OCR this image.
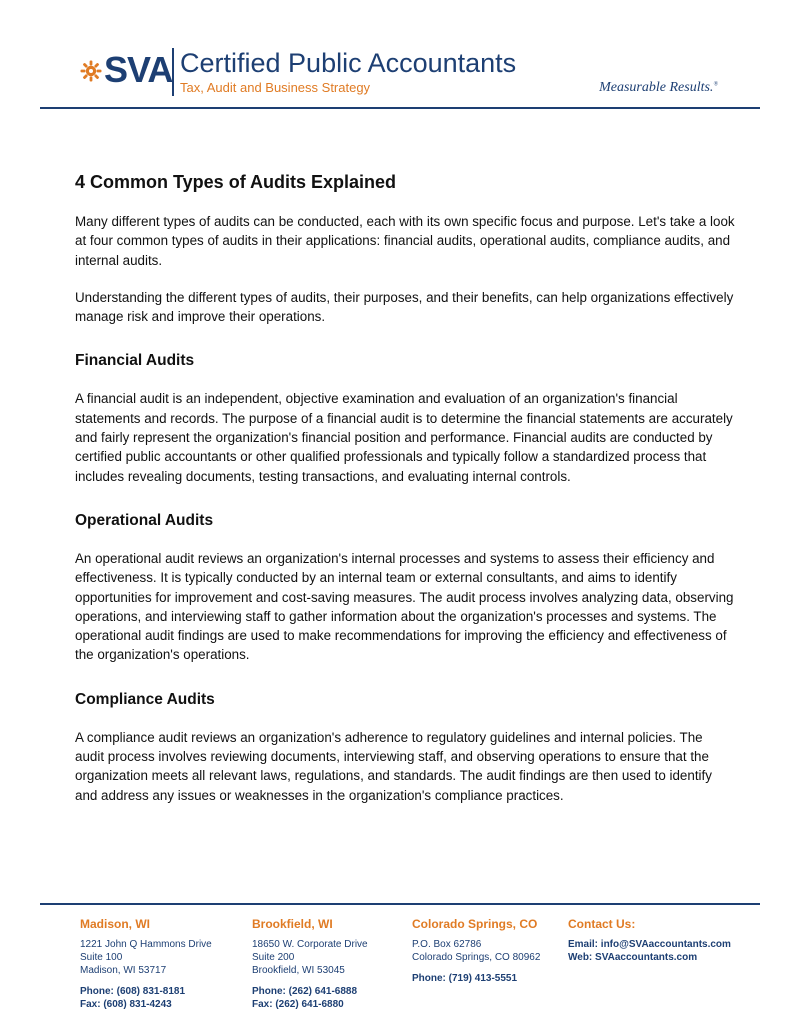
SVA Certified Public Accountants
Tax, Audit and Business Strategy	Measurable Results.®
4 Common Types of Audits Explained

Many different types of audits can be conducted, each with its own specific focus and purpose. Let's take a look at four common types of audits in their applications: financial audits, operational audits, compliance audits, and internal audits.

Understanding the different types of audits, their purposes, and their benefits, can help organizations effectively manage risk and improve their operations.

Financial Audits

A financial audit is an independent, objective examination and evaluation of an organization's financial statements and records. The purpose of a financial audit is to determine the financial statements are accurately and fairly represent the organization's financial position and performance. Financial audits are conducted by certified public accountants or other qualified professionals and typically follow a standardized process that includes revealing documents, testing transactions, and evaluating internal controls.

Operational Audits

An operational audit reviews an organization's internal processes and systems to assess their efficiency and effectiveness. It is typically conducted by an internal team or external consultants, and aims to identify opportunities for improvement and cost-saving measures. The audit process involves analyzing data, observing operations, and interviewing staff to gather information about the organization's processes and systems. The operational audit findings are used to make recommendations for improving the efficiency and effectiveness of the organization's operations.

Compliance Audits

A compliance audit reviews an organization's adherence to regulatory guidelines and internal policies. The audit process involves reviewing documents, interviewing staff, and observing operations to ensure that the organization meets all relevant laws, regulations, and standards. The audit findings are then used to identify and address any issues or weaknesses in the organization's compliance practices.

Madison, WI
1221 John Q Hammons Drive
Suite 100
Madison, WI 53717
Phone: (608) 831-8181
Fax: (608) 831-4243
Brookfield, WI
18650 W. Corporate Drive
Suite 200
Brookfield, WI 53045
Phone: (262) 641-6888
Fax: (262) 641-6880
Colorado Springs, CO
P.O. Box 62786
Colorado Springs, CO 80962
Phone: (719) 413-5551
Contact Us:
Email: info@SVAaccountants.com
Web: SVAaccountants.com
